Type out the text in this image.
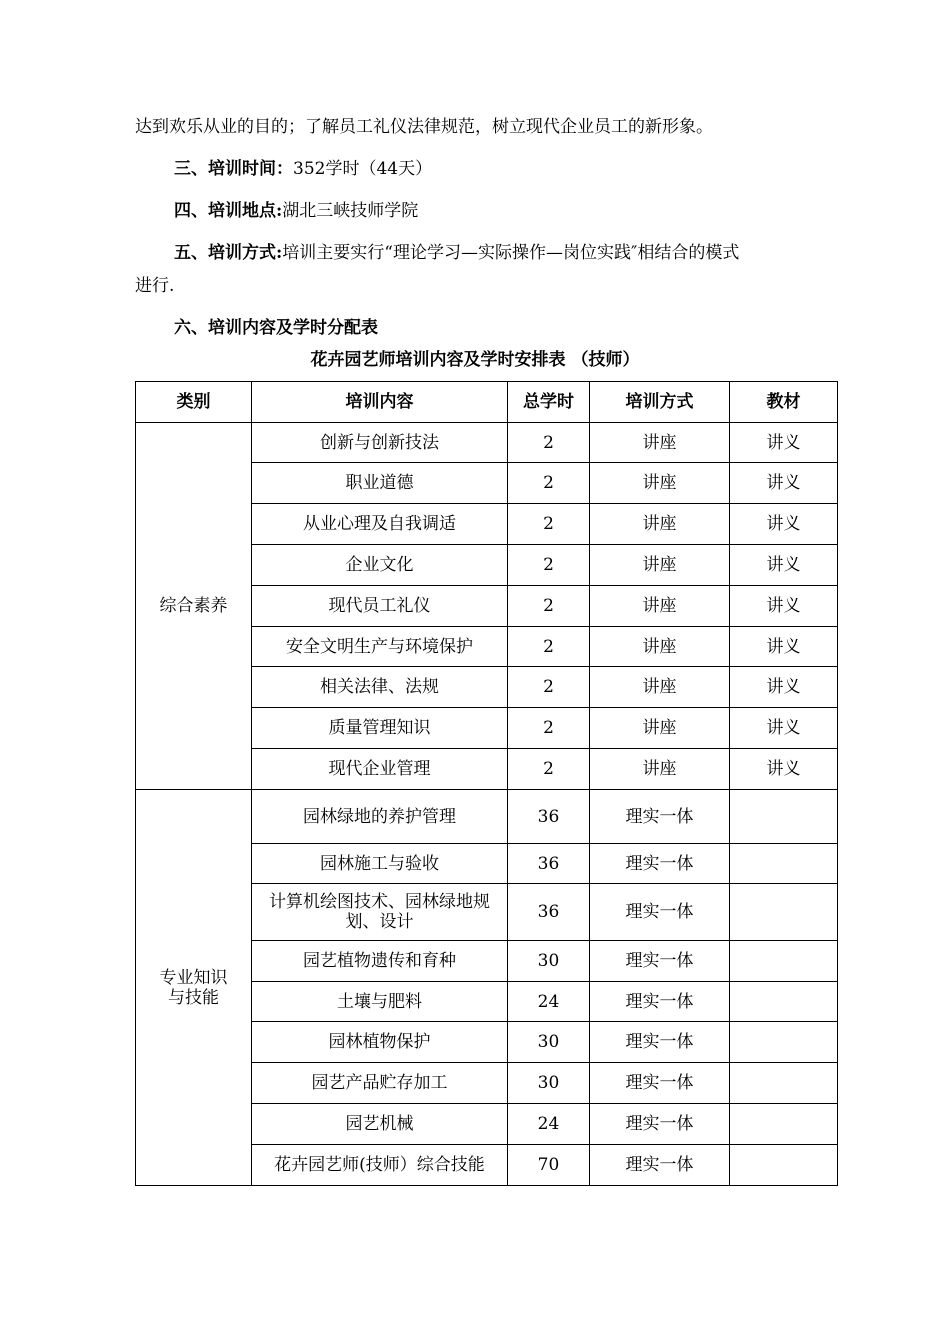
达到欢乐从业的目的；了解员工礼仪法律规范，树立现代企业员工的新形象。
三、培训时间：352学时（44天）
四、培训地点:湖北三峡技师学院
五、培训方式:培训主要实行“理论学习—实际操作—岗位实践″相结合的模式
进行.
六、培训内容及学时分配表
花卉园艺师培训内容及学时安排表 （技师）
类别	培训内容	总学时	培训方式	教材
综合素养	创新与创新技法	2	讲座	讲义
	职业道德	2	讲座	讲义
	从业心理及自我调适	2	讲座	讲义
	企业文化	2	讲座	讲义
	现代员工礼仪	2	讲座	讲义
	安全文明生产与环境保护	2	讲座	讲义
	相关法律、法规	2	讲座	讲义
	质量管理知识	2	讲座	讲义
	现代企业管理	2	讲座	讲义

专业知识
与技能	园林绿地的养护管理	36	理实一体	
	园林施工与验收	36	理实一体	

	计算机绘图技术、园林绿地规
划、设计	36	理实一体	
	园艺植物遗传和育种	30	理实一体	
	土壤与肥料	24	理实一体	
	园林植物保护	30	理实一体	
	园艺产品贮存加工	30	理实一体	
	园艺机械	24	理实一体	
	花卉园艺师(技师）综合技能	70	理实一体	
